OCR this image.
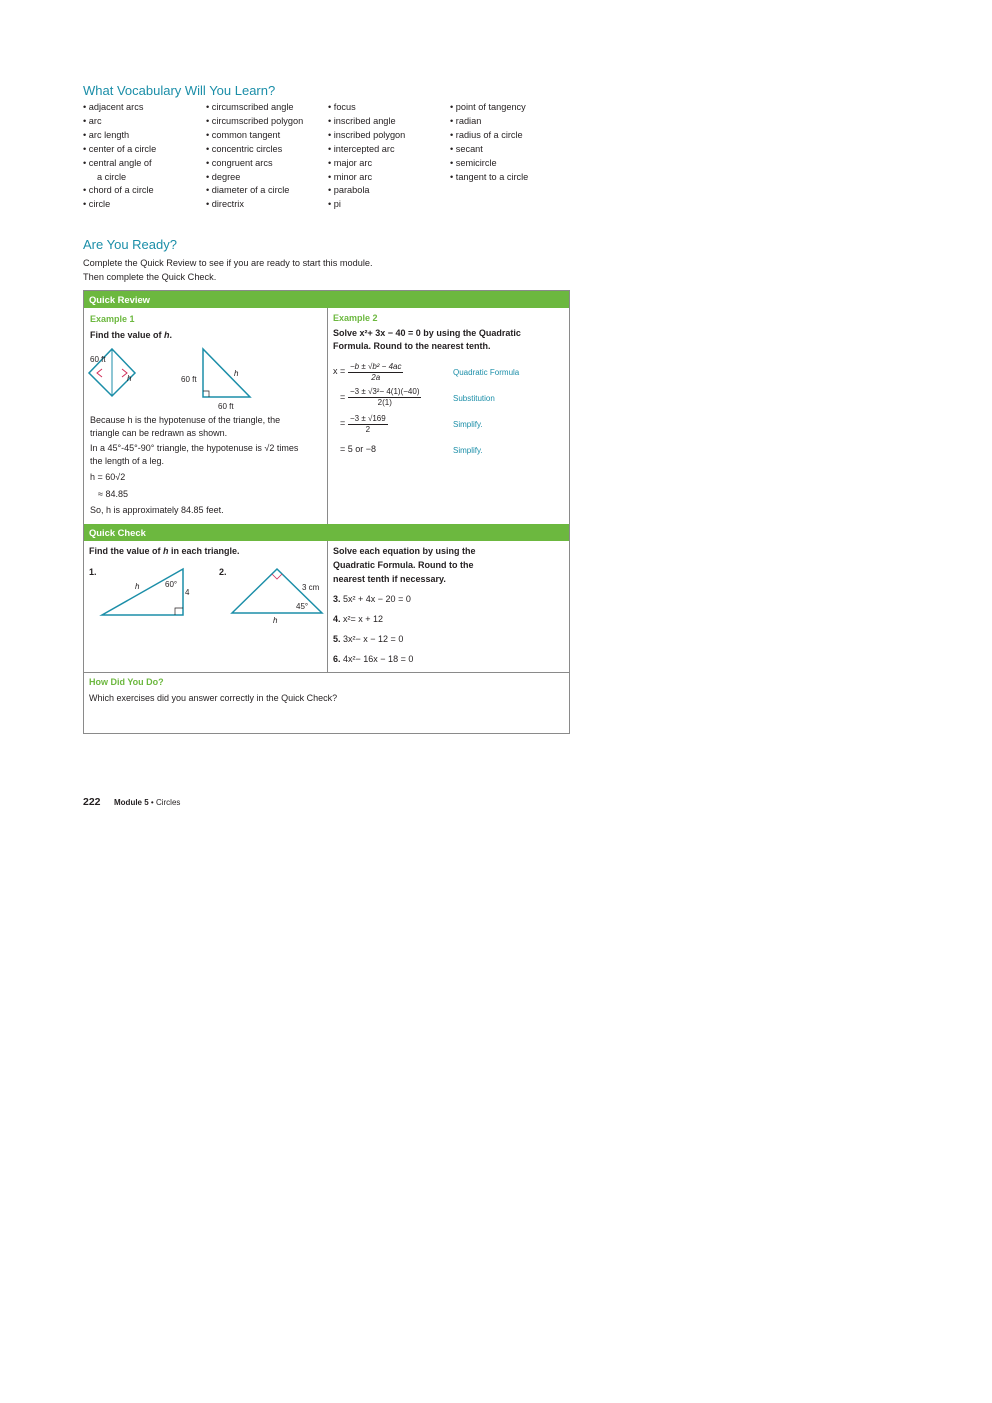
What Vocabulary Will You Learn?
• adjacent arcs
• arc
• arc length
• center of a circle
• central angle of
a circle
• chord of a circle
• circle
• circumscribed angle
• circumscribed polygon
• common tangent
• concentric circles
• congruent arcs
• degree
• diameter of a circle
• directrix
• focus
• inscribed angle
• inscribed polygon
• intercepted arc
• major arc
• minor arc
• parabola
• pi
• point of tangency
• radian
• radius of a circle
• secant
• semicircle
• tangent to a circle
Are You Ready?
Complete the Quick Review to see if you are ready to start this module.
Then complete the Quick Check.
Quick Review
Quick Check
Example 1
Find the value of h.
60 ft
h	60 ft
h
60 ft
Because h is the hypotenuse of the triangle, the
triangle can be redrawn as shown.
In a 45°-45°-90° triangle, the hypotenuse is √2 times
the length of a leg.
h = 60√2
≈ 84.85
So, h is approximately 84.85 feet.
Example 2
Solve x²+ 3x − 40 = 0 by using the Quadratic
Formula. Round to the nearest tenth.
$x = \frac{\text{−b ± √b² − 4ac}}{2a}$	Quadratic Formula
= $\frac{\text{−3 ± √3²− 4(1)(−40)}}{2(1)}$	Substitution
= $\frac{-3 \pm √169}{2}$	Simplify.
= 5 or −8	Simplify.
Find the value of h in each triangle.
1.
h	60°
4
2.
3 cm
45°
h
Solve each equation by using the
Quadratic Formula. Round to the
nearest tenth if necessary.
3. 5x² + 4x − 20 = 0
4. x²= x + 12
5. 3x²− x − 12 = 0
6. 4x²− 16x − 18 = 0
How Did You Do?
Which exercises did you answer correctly in the Quick Check?
222 Module 5 • Circles
